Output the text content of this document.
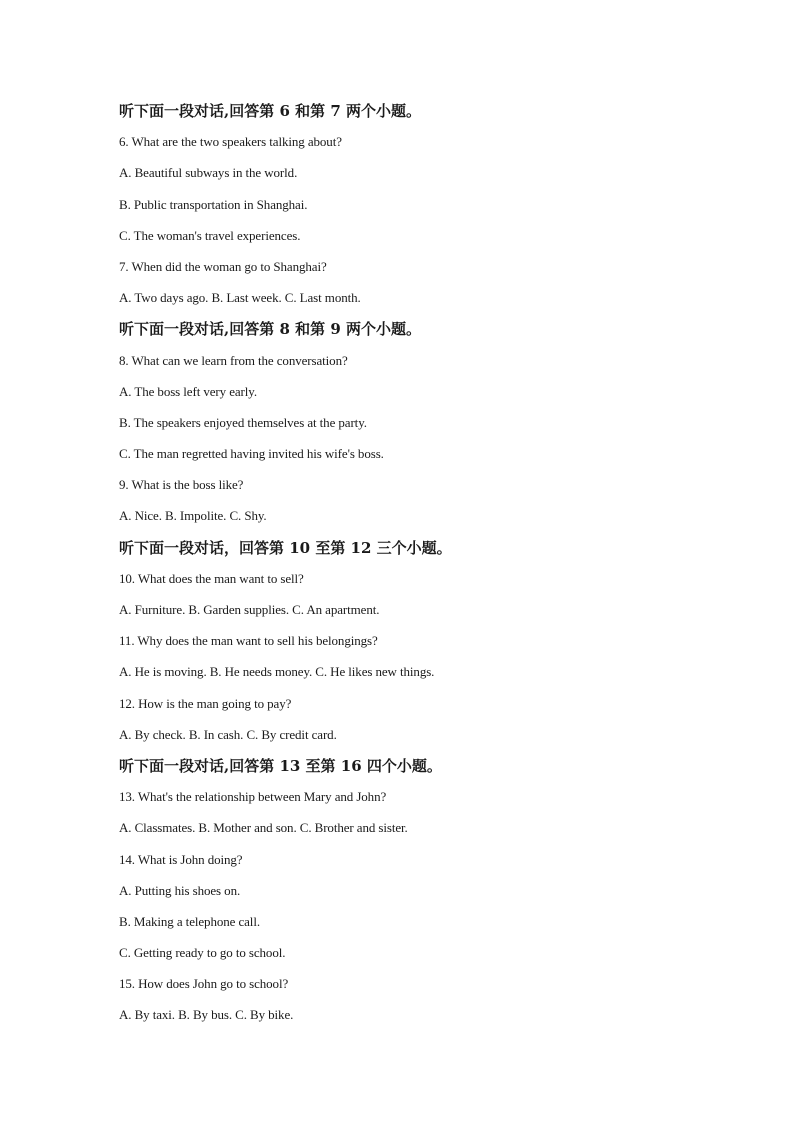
听下面一段对话,回答第 6 和第 7 两个小题。
6. What are the two speakers talking about?
A. Beautiful subways in the world.
B. Public transportation in Shanghai.
C. The woman's travel experiences.
7. When did the woman go to Shanghai?
A. Two days ago. B. Last week. C. Last month.
听下面一段对话,回答第 8 和第 9 两个小题。
8. What can we learn from the conversation?
A. The boss left very early.
B. The speakers enjoyed themselves at the party.
C. The man regretted having invited his wife's boss.
9. What is the boss like?
A. Nice. B. Impolite. C. Shy.
听下面一段对话，回答第 10 至第 12 三个小题。
10. What does the man want to sell?
A. Furniture. B. Garden supplies. C. An apartment.
11. Why does the man want to sell his belongings?
A. He is moving. B. He needs money. C. He likes new things.
12. How is the man going to pay?
A. By check. B. In cash. C. By credit card.
听下面一段对话,回答第 13 至第 16 四个小题。
13. What's the relationship between Mary and John?
A. Classmates. B. Mother and son. C. Brother and sister.
14. What is John doing?
A. Putting his shoes on.
B. Making a telephone call.
C. Getting ready to go to school.
15. How does John go to school?
A. By taxi. B. By bus. C. By bike.
